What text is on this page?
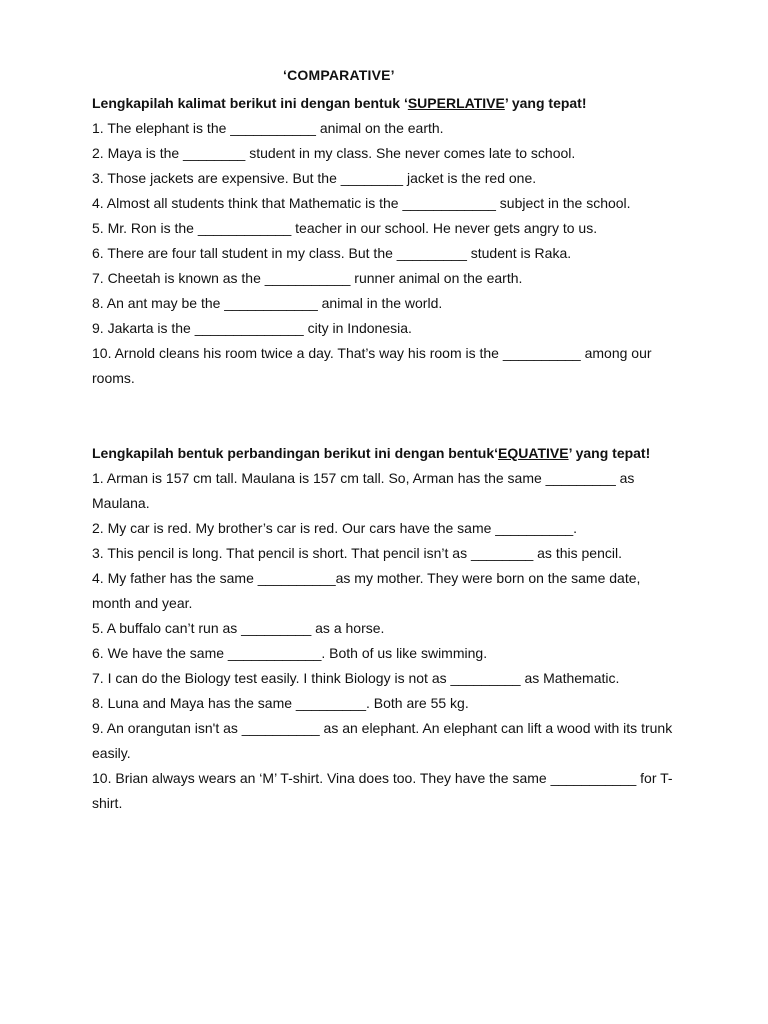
‘COMPARATIVE’
Lengkapilah kalimat berikut ini dengan bentuk ‘SUPERLATIVE’ yang tepat!
1. The elephant is the ___________ animal on the earth.
2. Maya is the ________ student in my class. She never comes late to school.
3. Those jackets are expensive. But the ________ jacket is the red one.
4. Almost all students think that Mathematic is the ____________ subject in the school.
5. Mr. Ron is the ____________ teacher in our school. He never gets angry to us.
6. There are four tall student in my class. But the _________ student is Raka.
7. Cheetah is known as the ___________ runner animal on the earth.
8. An ant may be the ____________ animal in the world.
9. Jakarta is the ______________ city in Indonesia.
10. Arnold cleans his room twice a day. That’s way his room is the __________ among our rooms.
Lengkapilah bentuk perbandingan berikut ini dengan bentuk‘EQUATIVE’ yang tepat!
1. Arman is 157 cm tall. Maulana is 157 cm tall. So, Arman has the same _________ as Maulana.
2. My car is red. My brother’s car is red. Our cars have the same __________.
3. This pencil is long. That pencil is short. That pencil isn’t as ________ as this pencil.
4. My father has the same __________as my mother. They were born on the same date, month and year.
5. A buffalo can’t run as _________ as a horse.
6. We have the same ____________. Both of us like swimming.
7. I can do the Biology test easily. I think Biology is not as _________ as Mathematic.
8. Luna and Maya has the same _________. Both are 55 kg.
9. An orangutan isn't as __________ as an elephant. An elephant can lift a wood with its trunk easily.
10. Brian always wears an ‘M’ T-shirt. Vina does too. They have the same ___________ for T-shirt.
